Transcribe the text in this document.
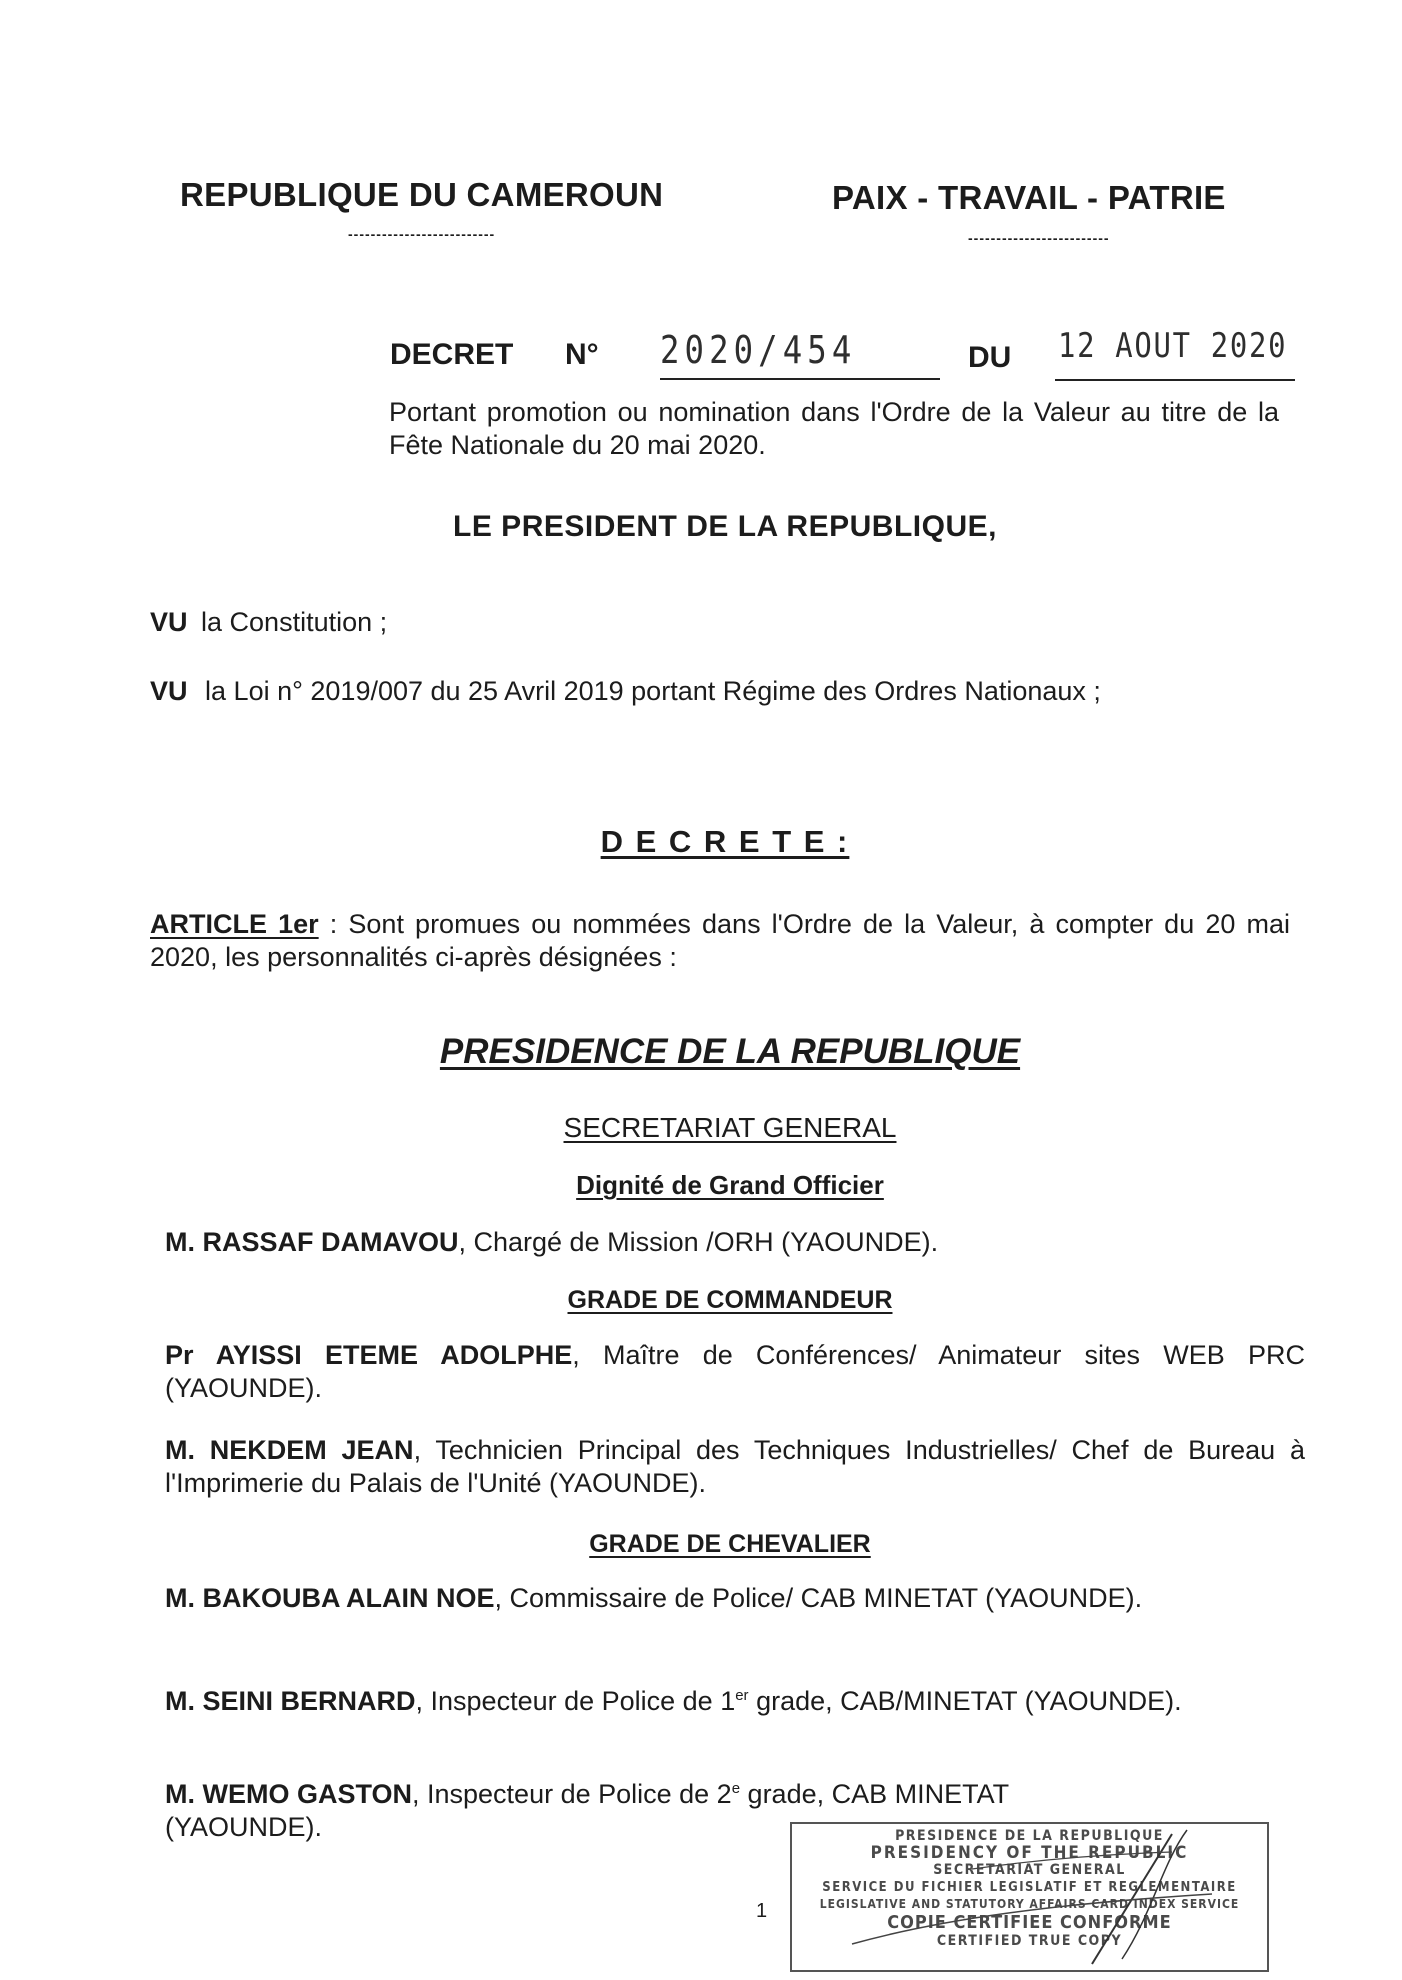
REPUBLIQUE DU CAMEROUN
--------------------------
PAIX - TRAVAIL - PATRIE
-------------------------
DECRET N° 2020/454	DU 12 AOUT 2020
Portant promotion ou nomination dans l'Ordre de la Valeur au titre de la Fête Nationale du 20 mai 2020.
LE PRESIDENT DE LA REPUBLIQUE,
VU la Constitution ;
VU la Loi n° 2019/007 du 25 Avril 2019 portant Régime des Ordres Nationaux ;
D E C R E T E :
ARTICLE 1er : Sont promues ou nommées dans l'Ordre de la Valeur, à compter du 20 mai 2020, les personnalités ci-après désignées :
PRESIDENCE DE LA REPUBLIQUE
SECRETARIAT GENERAL
Dignité de Grand Officier
M. RASSAF DAMAVOU, Chargé de Mission /ORH (YAOUNDE).
GRADE DE COMMANDEUR
Pr AYISSI ETEME ADOLPHE, Maître de Conférences/ Animateur sites WEB PRC (YAOUNDE).
M. NEKDEM JEAN, Technicien Principal des Techniques Industrielles/ Chef de Bureau à l'Imprimerie du Palais de l'Unité (YAOUNDE).
GRADE DE CHEVALIER
M. BAKOUBA ALAIN NOE, Commissaire de Police/ CAB MINETAT (YAOUNDE).
M. SEINI BERNARD, Inspecteur de Police de 1er grade, CAB/MINETAT (YAOUNDE).
M. WEMO GASTON, Inspecteur de Police de 2e grade, CAB MINETAT (YAOUNDE).
1
PRESIDENCE DE LA REPUBLIQUE
PRESIDENCY OF THE REPUBLIC
SECRETARIAT GENERAL
SERVICE DU FICHIER LEGISLATIF ET REGLEMENTAIRE
LEGISLATIVE AND STATUTORY AFFAIRS CARD INDEX SERVICE
COPIE CERTIFIEE CONFORME
CERTIFIED TRUE COPY
